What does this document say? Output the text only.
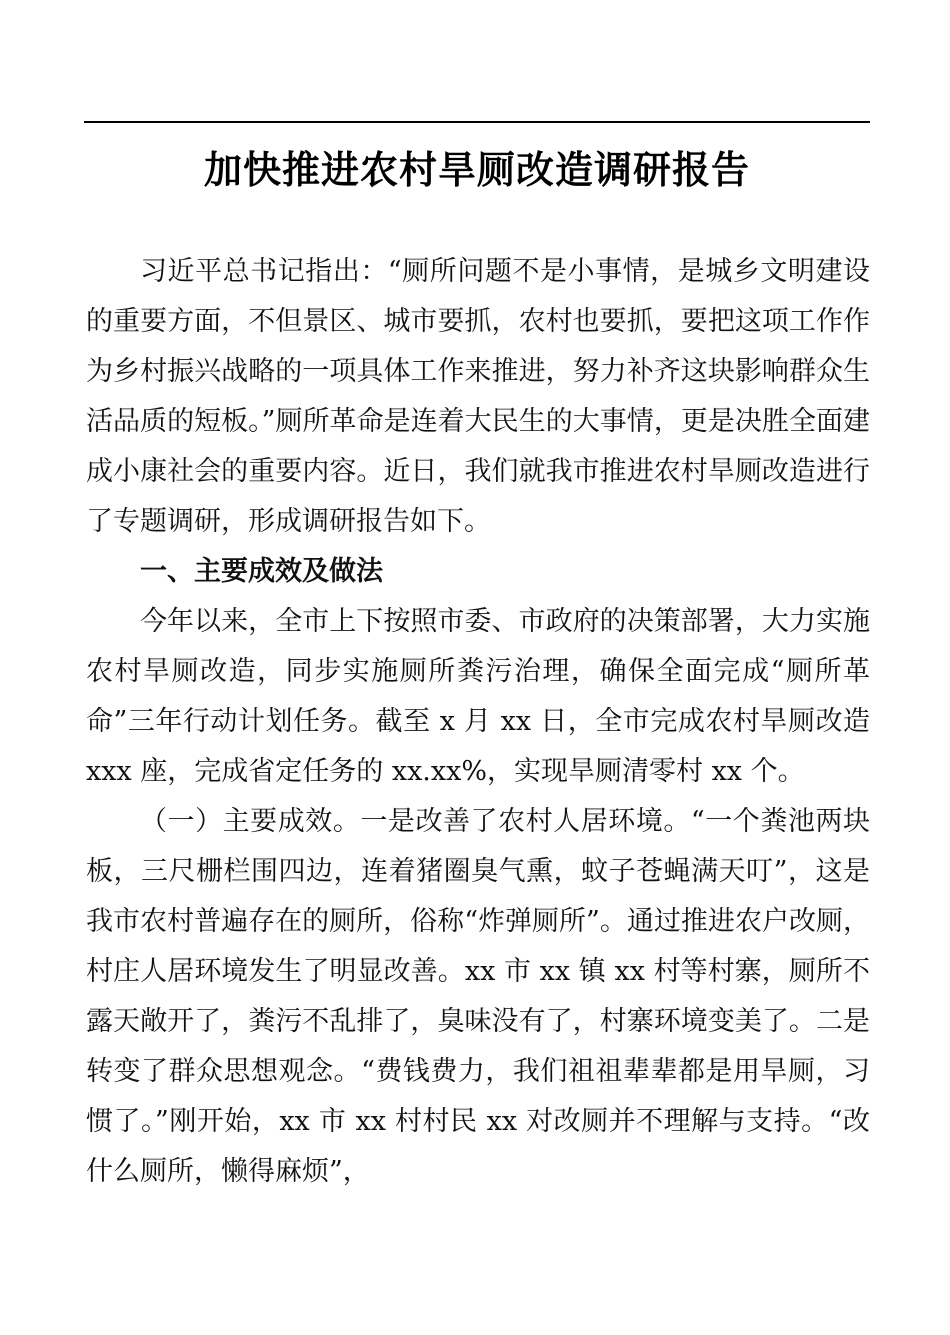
加快推进农村旱厕改造调研报告

习近平总书记指出：“厕所问题不是小事情，是城乡文明建设的重要方面，不但景区、城市要抓，农村也要抓，要把这项工作作为乡村振兴战略的一项具体工作来推进，努力补齐这块影响群众生活品质的短板。”厕所革命是连着大民生的大事情，更是决胜全面建成小康社会的重要内容。近日，我们就我市推进农村旱厕改造进行了专题调研，形成调研报告如下。

一、主要成效及做法

今年以来，全市上下按照市委、市政府的决策部署，大力实施农村旱厕改造，同步实施厕所粪污治理，确保全面完成“厕所革命”三年行动计划任务。截至 x 月 xx 日，全市完成农村旱厕改造 xxx 座，完成省定任务的 xx.xx%，实现旱厕清零村 xx 个。

（一）主要成效。一是改善了农村人居环境。“一个粪池两块板，三尺栅栏围四边，连着猪圈臭气熏，蚊子苍蝇满天叮”，这是我市农村普遍存在的厕所，俗称“炸弹厕所”。通过推进农户改厕，村庄人居环境发生了明显改善。xx 市 xx 镇 xx 村等村寨，厕所不露天敞开了，粪污不乱排了，臭味没有了，村寨环境变美了。二是转变了群众思想观念。“费钱费力，我们祖祖辈辈都是用旱厕，习惯了。”刚开始，xx 市 xx 村村民 xx 对改厕并不理解与支持。“改什么厕所，懒得麻烦”，
